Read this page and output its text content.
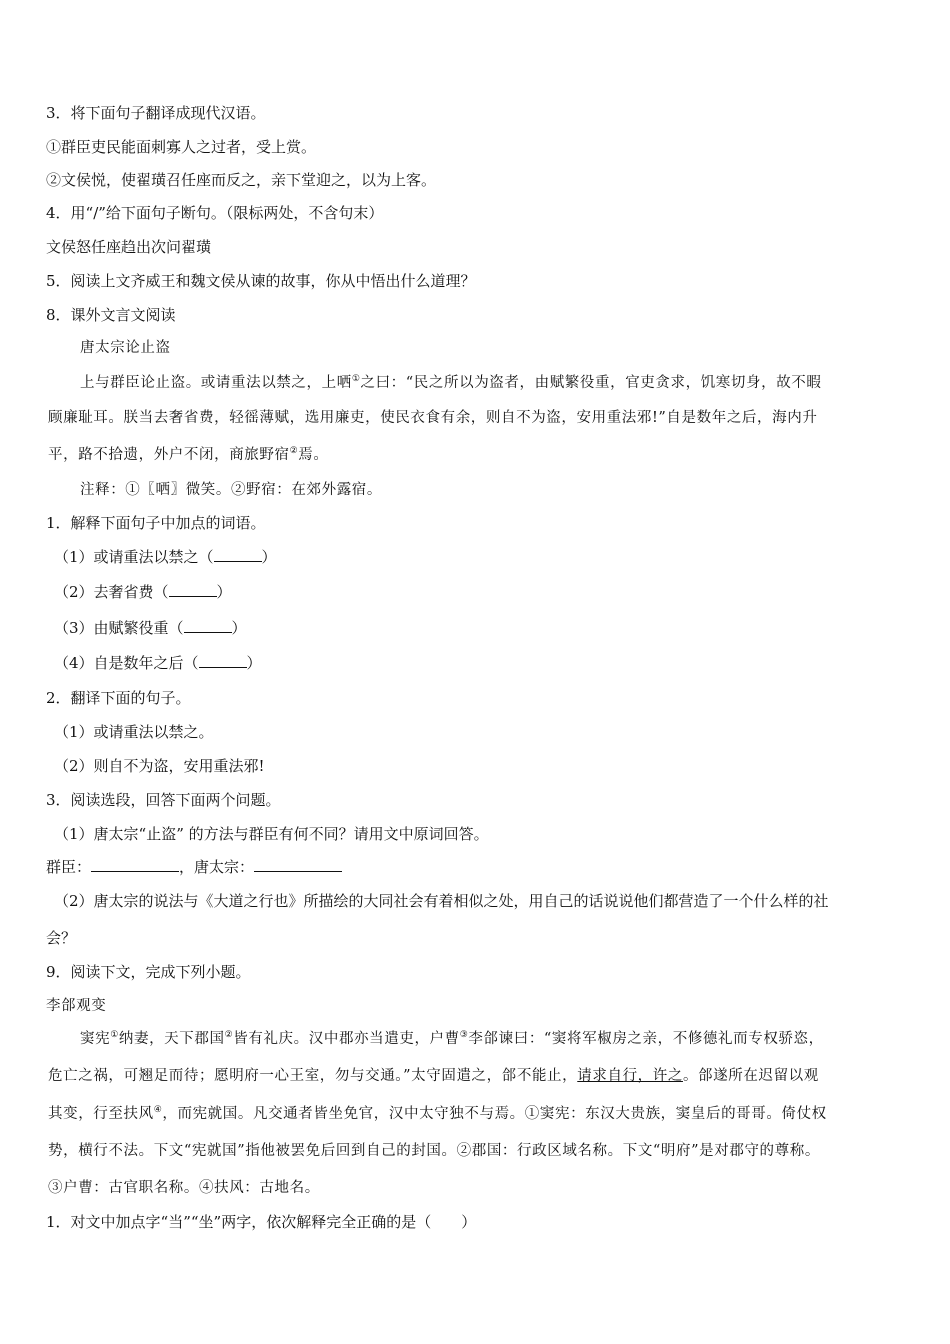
3．将下面句子翻译成现代汉语。
①群臣吏民能面刺寡人之过者，受上赏。
②文侯悦，使翟璜召任座而反之，亲下堂迎之，以为上客。
4．用“/”给下面句子断句。（限标两处，不含句末）
文侯怒任座趋出次问翟璜
5．阅读上文齐威王和魏文侯从谏的故事，你从中悟出什么道理？
8．课外文言文阅读
唐太宗论止盗
上与群臣论止盗。或请重法以禁之，上哂①之曰：“民之所以为盗者，由赋繁役重，官吏贪求，饥寒切身，故不暇
顾廉耻耳。朕当去奢省费，轻徭薄赋，选用廉吏，使民衣食有余，则自不为盗，安用重法邪!”自是数年之后，海内升
平，路不拾遗，外户不闭，商旅野宿②焉。
注释：①〖哂〗微笑。②野宿：在郊外露宿。
1．解释下面句子中加点的词语。
（1）或请重法以禁之（	）
（2）去奢省费（	）
（3）由赋繁役重（	）
（4）自是数年之后（	）
2．翻译下面的句子。
（1）或请重法以禁之。
（2）则自不为盗，安用重法邪!
3．阅读选段，回答下面两个问题。
（1）唐太宗“止盗” 的方法与群臣有何不同？请用文中原词回答。
群臣：	，唐太宗：
（2）唐太宗的说法与《大道之行也》所描绘的大同社会有着相似之处，用自己的话说说他们都营造了一个什么样的社
会？
9．阅读下文，完成下列小题。
李郃观变
窦宪①纳妻，天下郡国②皆有礼庆。汉中郡亦当遣吏，户曹③李郃谏曰：“窦将军椒房之亲，不修德礼而专权骄恣，
危亡之祸，可翘足而待；愿明府一心王室，勿与交通。”太守固遣之，郃不能止，请求自行，许之。郃遂所在迟留以观
其变，行至扶风④，而宪就国。凡交通者皆坐免官，汉中太守独不与焉。①窦宪：东汉大贵族，窦皇后的哥哥。倚仗权
势，横行不法。下文“宪就国”指他被罢免后回到自己的封国。②郡国：行政区域名称。下文“明府”是对郡守的尊称。
③户曹：古官职名称。④扶风：古地名。
1．对文中加点字“当”“坐”两字，依次解释完全正确的是（　　）
